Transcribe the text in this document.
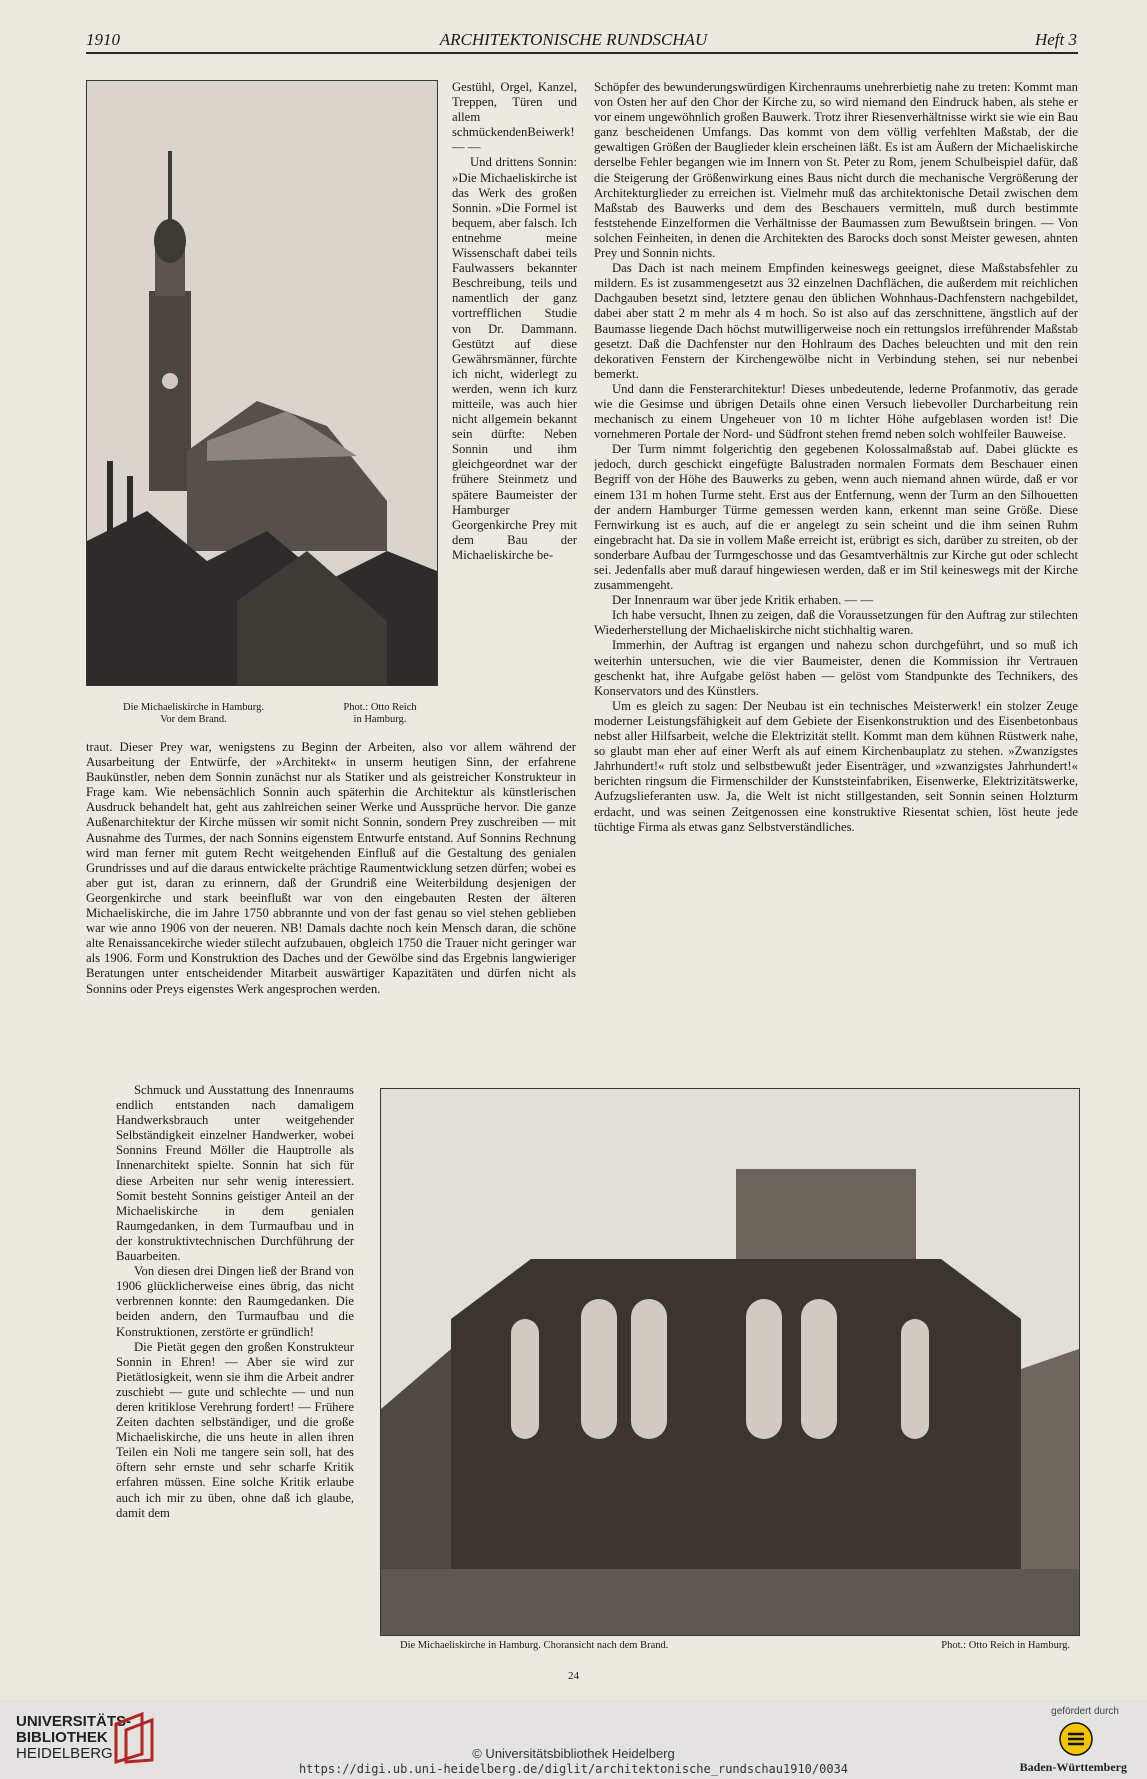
1910	ARCHITEKTONISCHE RUNDSCHAU	Heft 3
Die Michaeliskirche in Hamburg.
Vor dem Brand.
Phot.: Otto Reich
in Hamburg.

Gestühl, Orgel, Kanzel, Treppen, Türen und allem schmückendenBeiwerk! — —

Und drittens Sonnin: »Die Michaeliskirche ist das Werk des großen Sonnin. »Die Formel ist bequem, aber falsch. Ich entnehme meine Wissenschaft dabei teils Faulwassers bekannter Beschreibung, teils und namentlich der ganz vortrefflichen Studie von Dr. Dammann. Gestützt auf diese Gewährsmänner, fürchte ich nicht, widerlegt zu werden, wenn ich kurz mitteile, was auch hier nicht allgemein bekannt sein dürfte: Neben Sonnin und ihm gleichgeordnet war der frühere Steinmetz und spätere Baumeister der Hamburger Georgenkirche Prey mit dem Bau der Michaeliskirche be-

traut. Dieser Prey war, wenigstens zu Beginn der Arbeiten, also vor allem während der Ausarbeitung der Entwürfe, der »Architekt« in unserm heutigen Sinn, der erfahrene Baukünstler, neben dem Sonnin zunächst nur als Statiker und als geistreicher Konstrukteur in Frage kam. Wie nebensächlich Sonnin auch späterhin die Architektur als künstlerischen Ausdruck behandelt hat, geht aus zahlreichen seiner Werke und Aussprüche hervor. Die ganze Außenarchitektur der Kirche müssen wir somit nicht Sonnin, sondern Prey zuschreiben — mit Ausnahme des Turmes, der nach Sonnins eigenstem Entwurfe entstand. Auf Sonnins Rechnung wird man ferner mit gutem Recht weitgehenden Einfluß auf die Gestaltung des genialen Grundrisses und auf die daraus entwickelte prächtige Raumentwicklung setzen dürfen; wobei es aber gut ist, daran zu erinnern, daß der Grundriß eine Weiterbildung desjenigen der Georgenkirche und stark beeinflußt war von den eingebauten Resten der älteren Michaeliskirche, die im Jahre 1750 abbrannte und von der fast genau so viel stehen geblieben war wie anno 1906 von der neueren. NB! Damals dachte noch kein Mensch daran, die schöne alte Renaissancekirche wieder stilecht aufzubauen, obgleich 1750 die Trauer nicht geringer war als 1906. Form und Konstruktion des Daches und der Gewölbe sind das Ergebnis langwieriger Beratungen unter entscheidender Mitarbeit auswärtiger Kapazitäten und dürfen nicht als Sonnins oder Preys eigenstes Werk angesprochen werden.

Schmuck und Ausstattung des Innenraums endlich entstanden nach damaligem Handwerksbrauch unter weitgehender Selbständigkeit einzelner Handwerker, wobei Sonnins Freund Möller die Hauptrolle als Innenarchitekt spielte. Sonnin hat sich für diese Arbeiten nur sehr wenig interessiert. Somit besteht Sonnins geistiger Anteil an der Michaeliskirche in dem genialen Raumgedanken, in dem Turmaufbau und in der konstruktivtechnischen Durchführung der Bauarbeiten.

Von diesen drei Dingen ließ der Brand von 1906 glücklicherweise eines übrig, das nicht verbrennen konnte: den Raumgedanken. Die beiden andern, den Turmaufbau und die Konstruktionen, zerstörte er gründlich!

Die Pietät gegen den großen Konstrukteur Sonnin in Ehren! — Aber sie wird zur Pietätlosigkeit, wenn sie ihm die Arbeit andrer zuschiebt — gute und schlechte — und nun deren kritiklose Verehrung fordert! — Frühere Zeiten dachten selbständiger, und die große Michaeliskirche, die uns heute in allen ihren Teilen ein Noli me tangere sein soll, hat des öftern sehr ernste und sehr scharfe Kritik erfahren müssen. Eine solche Kritik erlaube auch ich mir zu üben, ohne daß ich glaube, damit dem

Schöpfer des bewunderungswürdigen Kirchenraums unehrerbietig nahe zu treten: Kommt man von Osten her auf den Chor der Kirche zu, so wird niemand den Eindruck haben, als stehe er vor einem ungewöhnlich großen Bauwerk. Trotz ihrer Riesenverhältnisse wirkt sie wie ein Bau ganz bescheidenen Umfangs. Das kommt von dem völlig verfehlten Maßstab, der die gewaltigen Größen der Bauglieder klein erscheinen läßt. Es ist am Äußern der Michaeliskirche derselbe Fehler begangen wie im Innern von St. Peter zu Rom, jenem Schulbeispiel dafür, daß die Steigerung der Größenwirkung eines Baus nicht durch die mechanische Vergrößerung der Architekturglieder zu erreichen ist. Vielmehr muß das architektonische Detail zwischen dem Maßstab des Bauwerks und dem des Beschauers vermitteln, muß durch bestimmte feststehende Einzelformen die Verhältnisse der Baumassen zum Bewußtsein bringen. — Von solchen Feinheiten, in denen die Architekten des Barocks doch sonst Meister gewesen, ahnten Prey und Sonnin nichts.

Das Dach ist nach meinem Empfinden keineswegs geeignet, diese Maßstabsfehler zu mildern. Es ist zusammengesetzt aus 32 einzelnen Dachflächen, die außerdem mit reichlichen Dachgauben besetzt sind, letztere genau den üblichen Wohnhaus-Dachfenstern nachgebildet, dabei aber statt 2 m mehr als 4 m hoch. So ist also auf das zerschnittene, ängstlich auf der Baumasse liegende Dach höchst mutwilligerweise noch ein rettungslos irreführender Maßstab gesetzt. Daß die Dachfenster nur den Hohlraum des Daches beleuchten und mit den rein dekorativen Fenstern der Kirchengewölbe nicht in Verbindung stehen, sei nur nebenbei bemerkt.

Und dann die Fensterarchitektur! Dieses unbedeutende, lederne Profanmotiv, das gerade wie die Gesimse und übrigen Details ohne einen Versuch liebevoller Durcharbeitung rein mechanisch zu einem Ungeheuer von 10 m lichter Höhe aufgeblasen worden ist! Die vornehmeren Portale der Nord- und Südfront stehen fremd neben solch wohlfeiler Bauweise.

Der Turm nimmt folgerichtig den gegebenen Kolossalmaßstab auf. Dabei glückte es jedoch, durch geschickt eingefügte Balustraden normalen Formats dem Beschauer einen Begriff von der Höhe des Bauwerks zu geben, wenn auch niemand ahnen würde, daß er vor einem 131 m hohen Turme steht. Erst aus der Entfernung, wenn der Turm an den Silhouetten der andern Hamburger Türme gemessen werden kann, erkennt man seine Größe. Diese Fernwirkung ist es auch, auf die er angelegt zu sein scheint und die ihm seinen Ruhm eingebracht hat. Da sie in vollem Maße erreicht ist, erübrigt es sich, darüber zu streiten, ob der sonderbare Aufbau der Turmgeschosse und das Gesamtverhältnis zur Kirche gut oder schlecht sei. Jedenfalls aber muß darauf hingewiesen werden, daß er im Stil keineswegs mit der Kirche zusammengeht.

Der Innenraum war über jede Kritik erhaben. — —

Ich habe versucht, Ihnen zu zeigen, daß die Voraussetzungen für den Auftrag zur stilechten Wiederherstellung der Michaeliskirche nicht stichhaltig waren.

Immerhin, der Auftrag ist ergangen und nahezu schon durchgeführt, und so muß ich weiterhin untersuchen, wie die vier Baumeister, denen die Kommission ihr Vertrauen geschenkt hat, ihre Aufgabe gelöst haben — gelöst vom Standpunkte des Technikers, des Konservators und des Künstlers.

Um es gleich zu sagen: Der Neubau ist ein technisches Meisterwerk! ein stolzer Zeuge moderner Leistungsfähigkeit auf dem Gebiete der Eisenkonstruktion und des Eisenbetonbaus nebst aller Hilfsarbeit, welche die Elektrizität stellt. Kommt man dem kühnen Rüstwerk nahe, so glaubt man eher auf einer Werft als auf einem Kirchenbauplatz zu stehen. »Zwanzigstes Jahrhundert!« ruft stolz und selbstbewußt jeder Eisenträger, und »zwanzigstes Jahrhundert!« berichten ringsum die Firmenschilder der Kunststeinfabriken, Eisenwerke, Elektrizitätswerke, Aufzugslieferanten usw. Ja, die Welt ist nicht stillgestanden, seit Sonnin seinen Holzturm erdacht, und was seinen Zeitgenossen eine konstruktive Riesentat schien, löst heute jede tüchtige Firma als etwas ganz Selbstverständliches.

Die Michaeliskirche in Hamburg. Choransicht nach dem Brand.	Phot.: Otto Reich in Hamburg.
24
UNIVERSITÄTS-
BIBLIOTHEK
HEIDELBERG	© Universitätsbibliothek Heidelberg
https://digi.ub.uni-heidelberg.de/diglit/architektonische_rundschau1910/0034
gefördert durch
Baden-Württemberg
